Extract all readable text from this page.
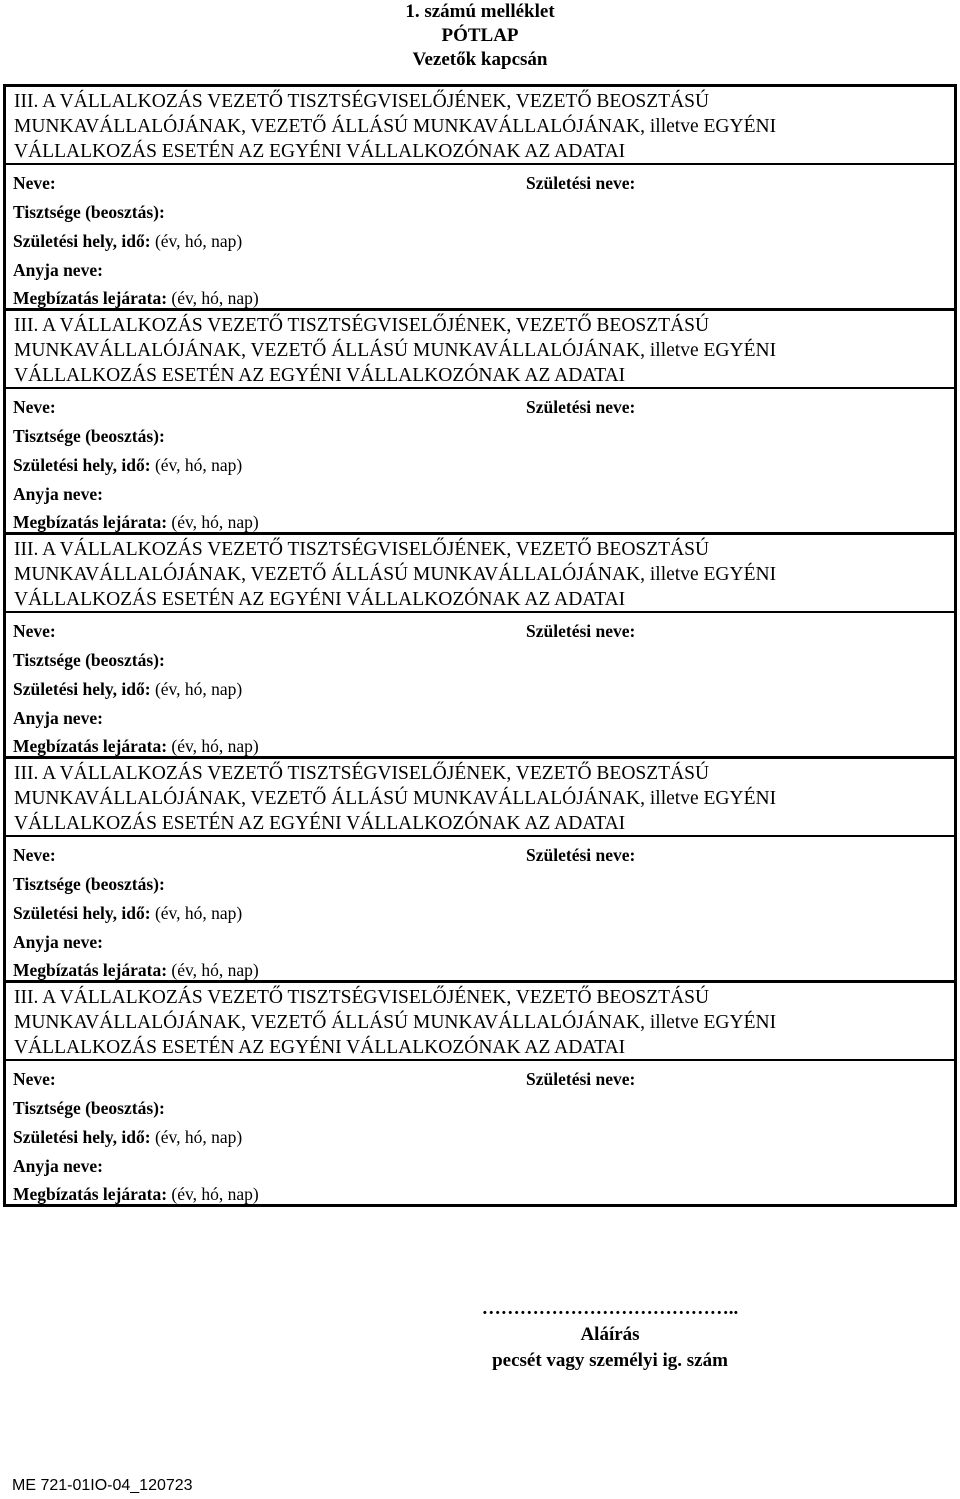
1. számú melléklet
PÓTLAP
Vezetők kapcsán
III. A VÁLLALKOZÁS VEZETŐ TISZTSÉGVISELŐJÉNEK, VEZETŐ BEOSZTÁSÚ
MUNKAVÁLLALÓJÁNAK, VEZETŐ ÁLLÁSÚ MUNKAVÁLLALÓJÁNAK, illetve EGYÉNI
VÁLLALKOZÁS ESETÉN AZ EGYÉNI VÁLLALKOZÓNAK AZ ADATAI
Neve:	Születési neve:
Tisztsége (beosztás):
Születési hely, idő: (év, hó, nap)
Anyja neve:
Megbízatás lejárata: (év, hó, nap)
III. A VÁLLALKOZÁS VEZETŐ TISZTSÉGVISELŐJÉNEK, VEZETŐ BEOSZTÁSÚ
MUNKAVÁLLALÓJÁNAK, VEZETŐ ÁLLÁSÚ MUNKAVÁLLALÓJÁNAK, illetve EGYÉNI
VÁLLALKOZÁS ESETÉN AZ EGYÉNI VÁLLALKOZÓNAK AZ ADATAI
Neve:	Születési neve:
Tisztsége (beosztás):
Születési hely, idő: (év, hó, nap)
Anyja neve:
Megbízatás lejárata: (év, hó, nap)
III. A VÁLLALKOZÁS VEZETŐ TISZTSÉGVISELŐJÉNEK, VEZETŐ BEOSZTÁSÚ
MUNKAVÁLLALÓJÁNAK, VEZETŐ ÁLLÁSÚ MUNKAVÁLLALÓJÁNAK, illetve EGYÉNI
VÁLLALKOZÁS ESETÉN AZ EGYÉNI VÁLLALKOZÓNAK AZ ADATAI
Neve:	Születési neve:
Tisztsége (beosztás):
Születési hely, idő: (év, hó, nap)
Anyja neve:
Megbízatás lejárata: (év, hó, nap)
III. A VÁLLALKOZÁS VEZETŐ TISZTSÉGVISELŐJÉNEK, VEZETŐ BEOSZTÁSÚ
MUNKAVÁLLALÓJÁNAK, VEZETŐ ÁLLÁSÚ MUNKAVÁLLALÓJÁNAK, illetve EGYÉNI
VÁLLALKOZÁS ESETÉN AZ EGYÉNI VÁLLALKOZÓNAK AZ ADATAI
Neve:	Születési neve:
Tisztsége (beosztás):
Születési hely, idő: (év, hó, nap)
Anyja neve:
Megbízatás lejárata: (év, hó, nap)
III. A VÁLLALKOZÁS VEZETŐ TISZTSÉGVISELŐJÉNEK, VEZETŐ BEOSZTÁSÚ
MUNKAVÁLLALÓJÁNAK, VEZETŐ ÁLLÁSÚ MUNKAVÁLLALÓJÁNAK, illetve EGYÉNI
VÁLLALKOZÁS ESETÉN AZ EGYÉNI VÁLLALKOZÓNAK AZ ADATAI
Neve:	Születési neve:
Tisztsége (beosztás):
Születési hely, idő: (év, hó, nap)
Anyja neve:
Megbízatás lejárata: (év, hó, nap)
…………………………………..
Aláírás
pecsét vagy személyi ig. szám
ME 721-01IO-04_120723
